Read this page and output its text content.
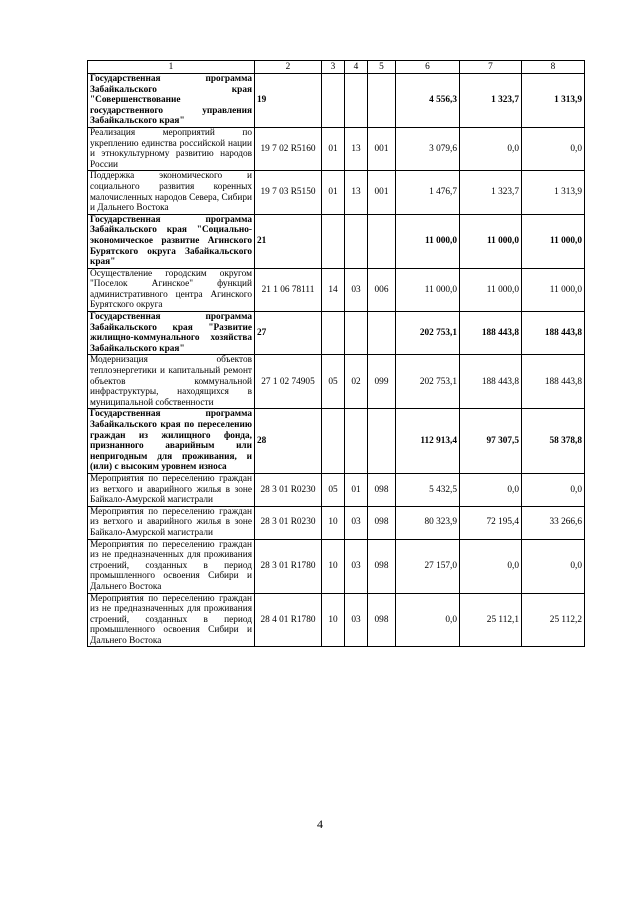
1	2	3	4	5	6	7	8
Государственная программа Забайкальского края "Совершенствование государственного управления Забайкальского края"	19				4 556,3	1 323,7	1 313,9
Реализация мероприятий по укреплению единства российской нации и этнокультурному развитию народов России	19 7 02 R5160	01	13	001	3 079,6	0,0	0,0
Поддержка экономического и социального развития коренных малочисленных народов Севера, Сибири и Дальнего Востока	19 7 03 R5150	01	13	001	1 476,7	1 323,7	1 313,9
Государственная программа Забайкальского края "Социально-экономическое развитие Агинского Бурятского округа Забайкальского края"	21				11 000,0	11 000,0	11 000,0
Осуществление городским округом "Поселок Агинское" функций административного центра Агинского Бурятского округа	21 1 06 78111	14	03	006	11 000,0	11 000,0	11 000,0
Государственная программа Забайкальского края "Развитие жилищно-коммунального хозяйства Забайкальского края"	27				202 753,1	188 443,8	188 443,8
Модернизация объектов теплоэнергетики и капитальный ремонт объектов коммунальной инфраструктуры, находящихся в муниципальной собственности	27 1 02 74905	05	02	099	202 753,1	188 443,8	188 443,8
Государственная программа Забайкальского края по переселению граждан из жилищного фонда, признанного аварийным или непригодным для проживания, и (или) с высоким уровнем износа	28				112 913,4	97 307,5	58 378,8
Мероприятия по переселению граждан из ветхого и аварийного жилья в зоне Байкало-Амурской магистрали	28 3 01 R0230	05	01	098	5 432,5	0,0	0,0
Мероприятия по переселению граждан из ветхого и аварийного жилья в зоне Байкало-Амурской магистрали	28 3 01 R0230	10	03	098	80 323,9	72 195,4	33 266,6
Мероприятия по переселению граждан из не предназначенных для проживания строений, созданных в период промышленного освоения Сибири и Дальнего Востока	28 3 01 R1780	10	03	098	27 157,0	0,0	0,0
Мероприятия по переселению граждан из не предназначенных для проживания строений, созданных в период промышленного освоения Сибири и Дальнего Востока	28 4 01 R1780	10	03	098	0,0	25 112,1	25 112,2
4
